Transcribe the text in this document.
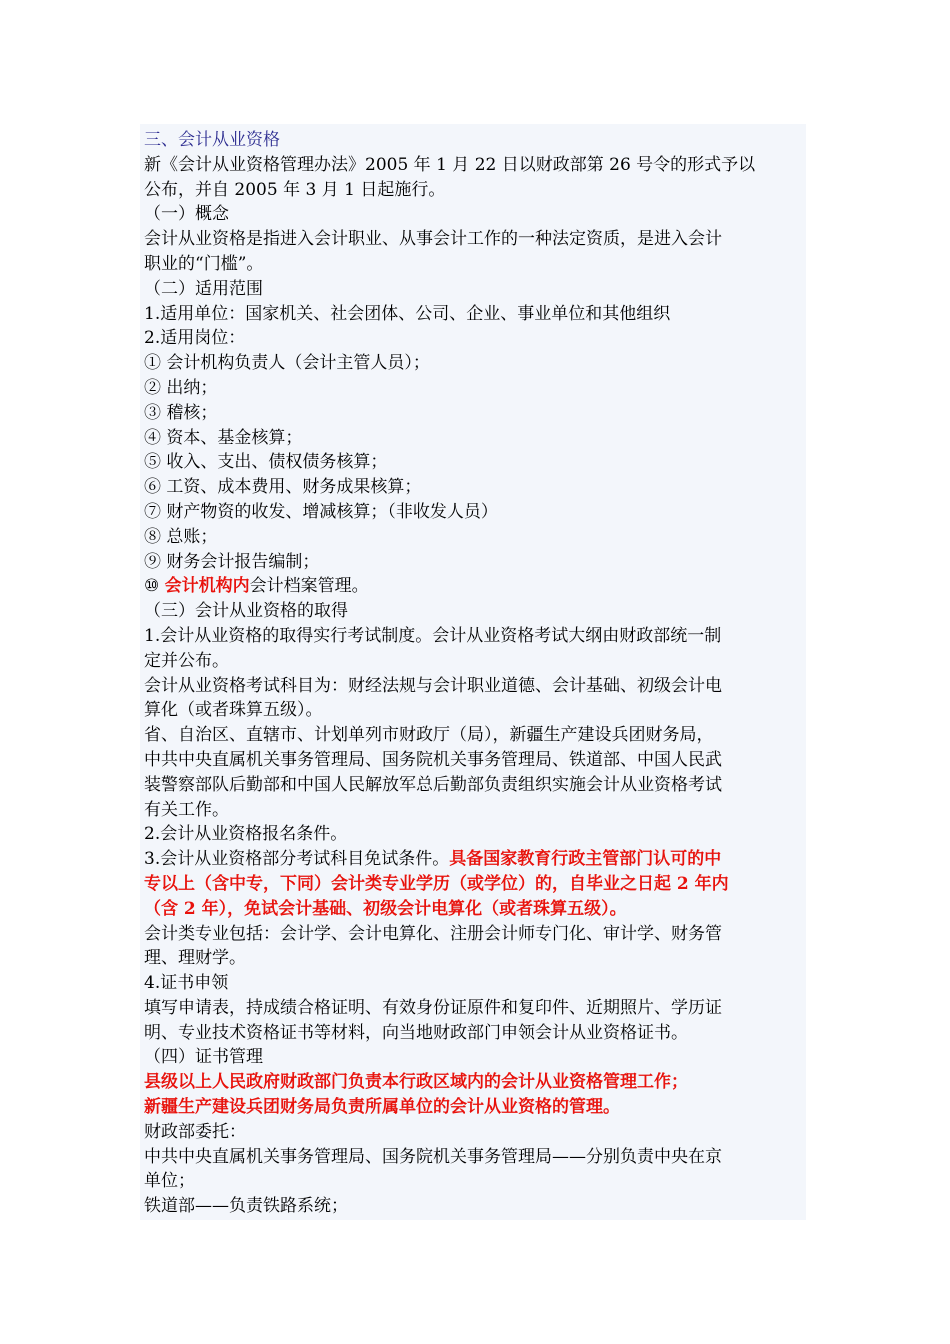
三、会计从业资格
新《会计从业资格管理办法》2005 年 1 月 22 日以财政部第 26 号令的形式予以
公布，并自 2005 年 3 月 1 日起施行。
（一）概念
会计从业资格是指进入会计职业、从事会计工作的一种法定资质，是进入会计
职业的“门槛”。
（二）适用范围
1.适用单位：国家机关、社会团体、公司、企业、事业单位和其他组织
2.适用岗位：
① 会计机构负责人（会计主管人员）；
② 出纳；
③ 稽核；
④ 资本、基金核算；
⑤ 收入、支出、债权债务核算；
⑥ 工资、成本费用、财务成果核算；
⑦ 财产物资的收发、增减核算；（非收发人员）
⑧ 总账；
⑨ 财务会计报告编制；
⑩ 会计机构内会计档案管理。
（三）会计从业资格的取得
1.会计从业资格的取得实行考试制度。会计从业资格考试大纲由财政部统一制
定并公布。
会计从业资格考试科目为：财经法规与会计职业道德、会计基础、初级会计电
算化（或者珠算五级）。
省、自治区、直辖市、计划单列市财政厅（局），新疆生产建设兵团财务局，
中共中央直属机关事务管理局、国务院机关事务管理局、铁道部、中国人民武
装警察部队后勤部和中国人民解放军总后勤部负责组织实施会计从业资格考试
有关工作。
2.会计从业资格报名条件。
3.会计从业资格部分考试科目免试条件。具备国家教育行政主管部门认可的中
专以上（含中专，下同）会计类专业学历（或学位）的，自毕业之日起 2 年内
（含 2 年），免试会计基础、初级会计电算化（或者珠算五级）。
会计类专业包括：会计学、会计电算化、注册会计师专门化、审计学、财务管
理、理财学。
4.证书申领
填写申请表，持成绩合格证明、有效身份证原件和复印件、近期照片、学历证
明、专业技术资格证书等材料，向当地财政部门申领会计从业资格证书。
（四）证书管理
县级以上人民政府财政部门负责本行政区域内的会计从业资格管理工作；
新疆生产建设兵团财务局负责所属单位的会计从业资格的管理。
财政部委托：
中共中央直属机关事务管理局、国务院机关事务管理局——分别负责中央在京
单位；
铁道部——负责铁路系统；
